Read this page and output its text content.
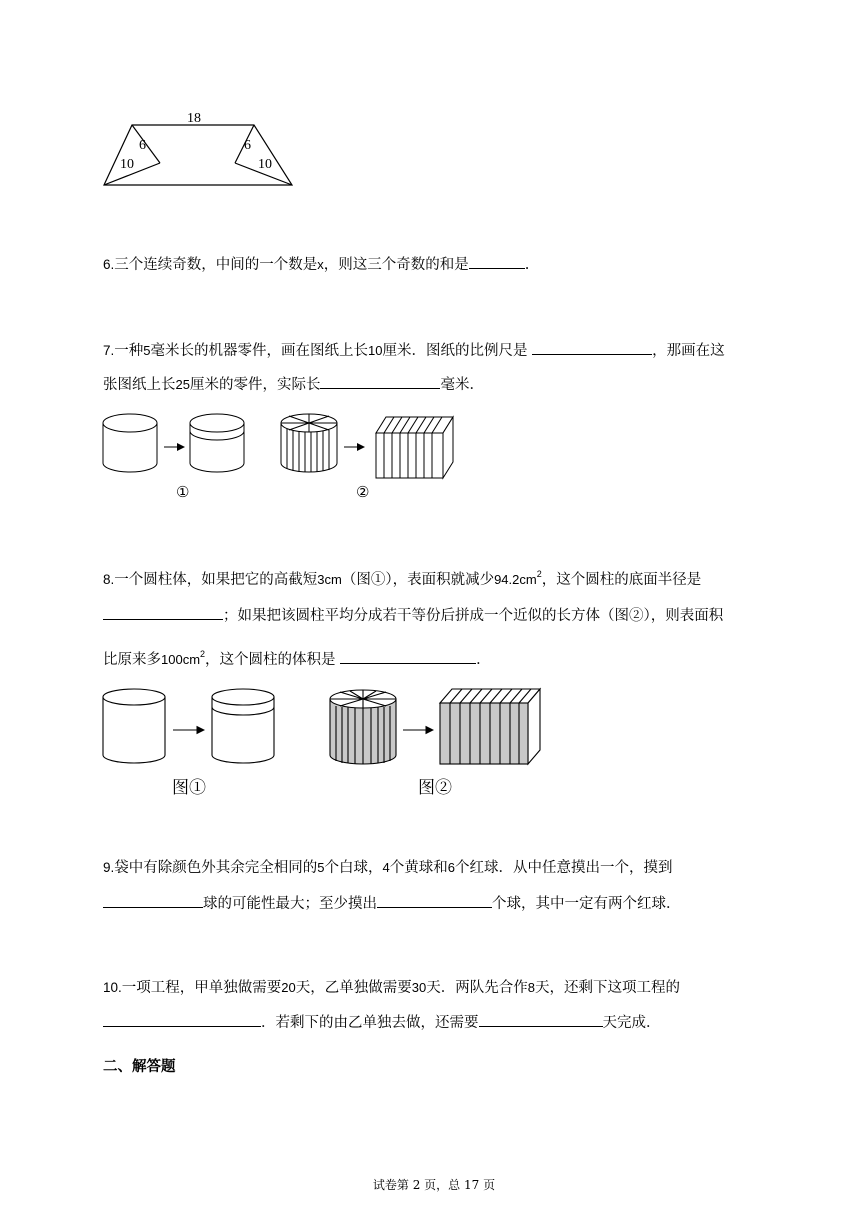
18
6
10
6
10
6.三个连续奇数，中间的一个数是x，则这三个奇数的和是	.
7.一种5毫米长的机器零件，画在图纸上长10厘米．图纸的比例尺是	，那画在这
张图纸上长25厘米的零件，实际长	毫米．
①	②
8.一个圆柱体，如果把它的高截短3cm（图①），表面积就减少$94.2cm^2$，这个圆柱的底面半径是
；如果把该圆柱平均分成若干等份后拼成一个近似的长方体（图②），则表面积
比原来多$100cm^2$，这个圆柱的体积是	．
图①	图②
9.袋中有除颜色外其余完全相同的5个白球，4个黄球和6个红球．从中任意摸出一个，摸到
球的可能性最大；至少摸出	个球，其中一定有两个红球．
10.一项工程，甲单独做需要20天，乙单独做需要30天．两队先合作8天，还剩下这项工程的
．若剩下的由乙单独去做，还需要	天完成．
二、解答题
试卷第 2 页，总 17 页
